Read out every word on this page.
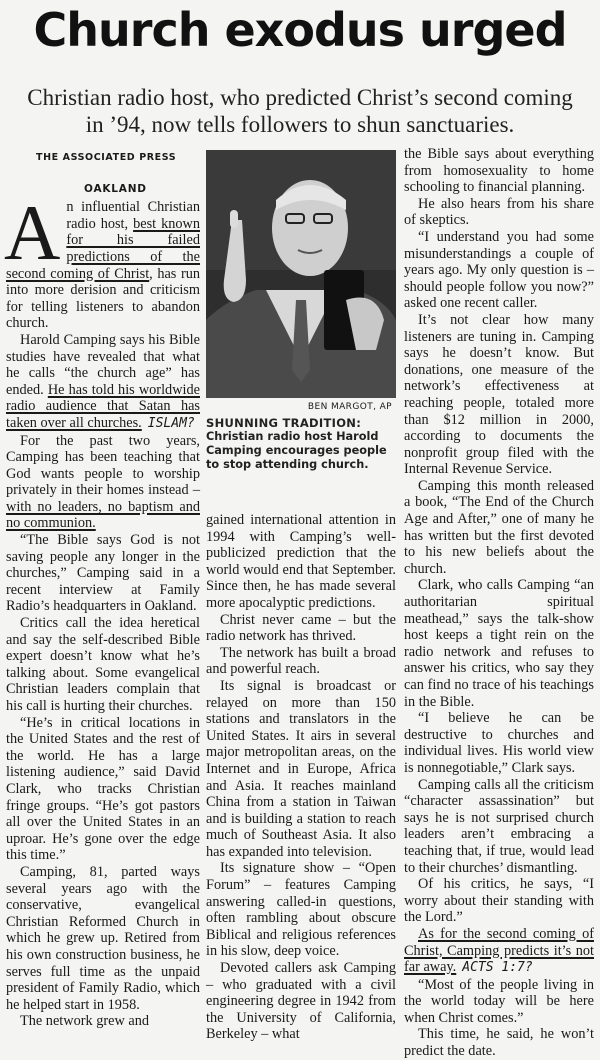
Church exodus urged

Christian radio host, who predicted Christ’s second coming in ’94, now tells followers to shun sanctuaries.

THE ASSOCIATED PRESS
OAKLAND

An influential Christian radio host, best known for his failed predictions of the second coming of Christ, has run into more derision and criticism for telling listeners to abandon church.

Harold Camping says his Bible studies have revealed that what he calls “the church age” has ended. He has told his worldwide radio audience that Satan has taken over all churches. ISLAM?

For the past two years, Camping has been teaching that God wants people to worship privately in their homes instead – with no leaders, no baptism and no communion.

“The Bible says God is not saving people any longer in the churches,” Camping said in a recent interview at Family Radio’s headquarters in Oakland.

Critics call the idea heretical and say the self-described Bible expert doesn’t know what he’s talking about. Some evangelical Christian leaders complain that his call is hurting their churches.

“He’s in critical locations in the United States and the rest of the world. He has a large listening audience,” said David Clark, who tracks Christian fringe groups. “He’s got pastors all over the United States in an uproar. He’s gone over the edge this time.”

Camping, 81, parted ways several years ago with the conservative, evangelical Christian Reformed Church in which he grew up. Retired from his own construction business, he serves full time as the unpaid president of Family Radio, which he helped start in 1958.

The network grew and

BEN MARGOT, AP
SHUNNING TRADITION:
Christian radio host Harold Camping encourages people to stop attending church.

gained international attention in 1994 with Camping’s well-publicized prediction that the world would end that September. Since then, he has made several more apocalyptic predictions.

Christ never came – but the radio network has thrived.

The network has built a broad and powerful reach.

Its signal is broadcast or relayed on more than 150 stations and translators in the United States. It airs in several major metropolitan areas, on the Internet and in Europe, Africa and Asia. It reaches mainland China from a station in Taiwan and is building a station to reach much of Southeast Asia. It also has expanded into television.

Its signature show – “Open Forum” – features Camping answering called-in questions, often rambling about obscure Biblical and religious references in his slow, deep voice.

Devoted callers ask Camping – who graduated with a civil engineering degree in 1942 from the University of California, Berkeley – what

the Bible says about everything from homosexuality to home schooling to financial planning.

He also hears from his share of skeptics.

“I understand you had some misunderstandings a couple of years ago. My only question is – should people follow you now?” asked one recent caller.

It’s not clear how many listeners are tuning in. Camping says he doesn’t know. But donations, one measure of the network’s effectiveness at reaching people, totaled more than $12 million in 2000, according to documents the nonprofit group filed with the Internal Revenue Service.

Camping this month released a book, “The End of the Church Age and After,” one of many he has written but the first devoted to his new beliefs about the church.

Clark, who calls Camping “an authoritarian spiritual meathead,” says the talk-show host keeps a tight rein on the radio network and refuses to answer his critics, who say they can find no trace of his teachings in the Bible.

“I believe he can be destructive to churches and individual lives. His world view is nonnegotiable,” Clark says.

Camping calls all the criticism “character assassination” but says he is not surprised church leaders aren’t embracing a teaching that, if true, would lead to their churches’ dismantling.

Of his critics, he says, “I worry about their standing with the Lord.”

As for the second coming of Christ, Camping predicts it’s not far away. ACTS 1:7?

“Most of the people living in the world today will be here when Christ comes.”

This time, he said, he won’t predict the date.
